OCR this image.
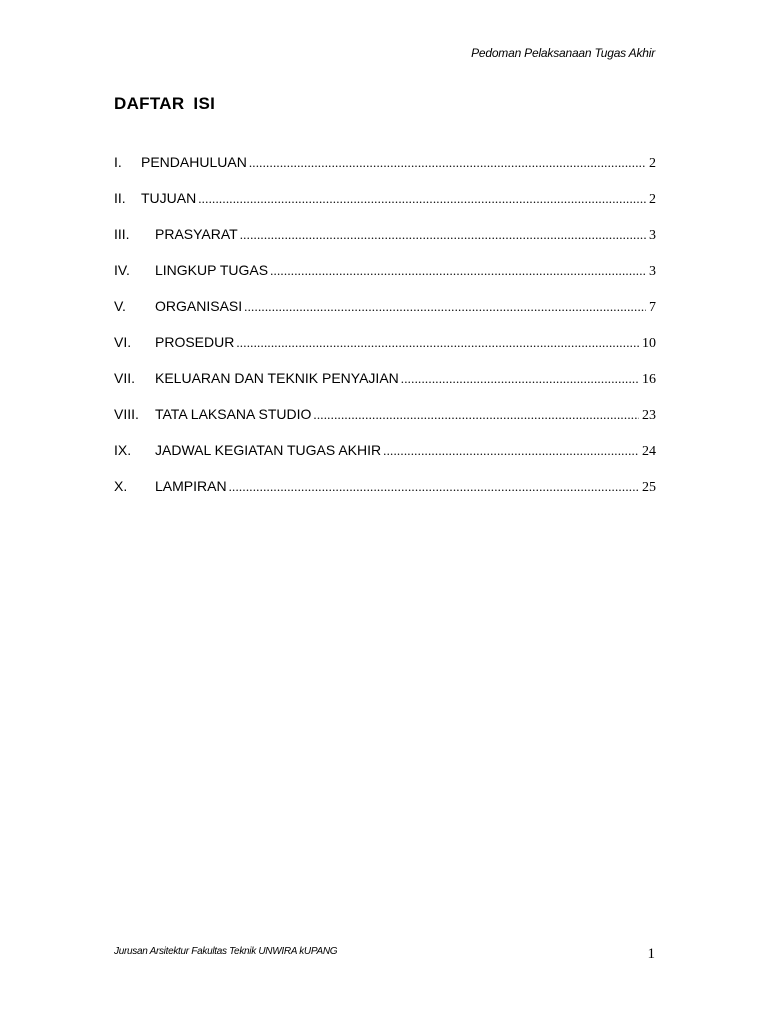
Pedoman Pelaksanaan Tugas Akhir
DAFTAR ISI
I.	PENDAHULUAN .....	2
II.	TUJUAN .....	2
III.	PRASYARAT .....	3
IV.	LINGKUP TUGAS .....	3
V.	ORGANISASI .....	7
VI.	PROSEDUR .....	10
VII.	KELUARAN DAN TEKNIK PENYAJIAN .....	16
VIII.	TATA LAKSANA STUDIO .....	23
IX.	JADWAL KEGIATAN TUGAS AKHIR .....	24
X.	LAMPIRAN .....	25
Jurusan Arsitektur Fakultas Teknik UNWIRA kUPANG	1
